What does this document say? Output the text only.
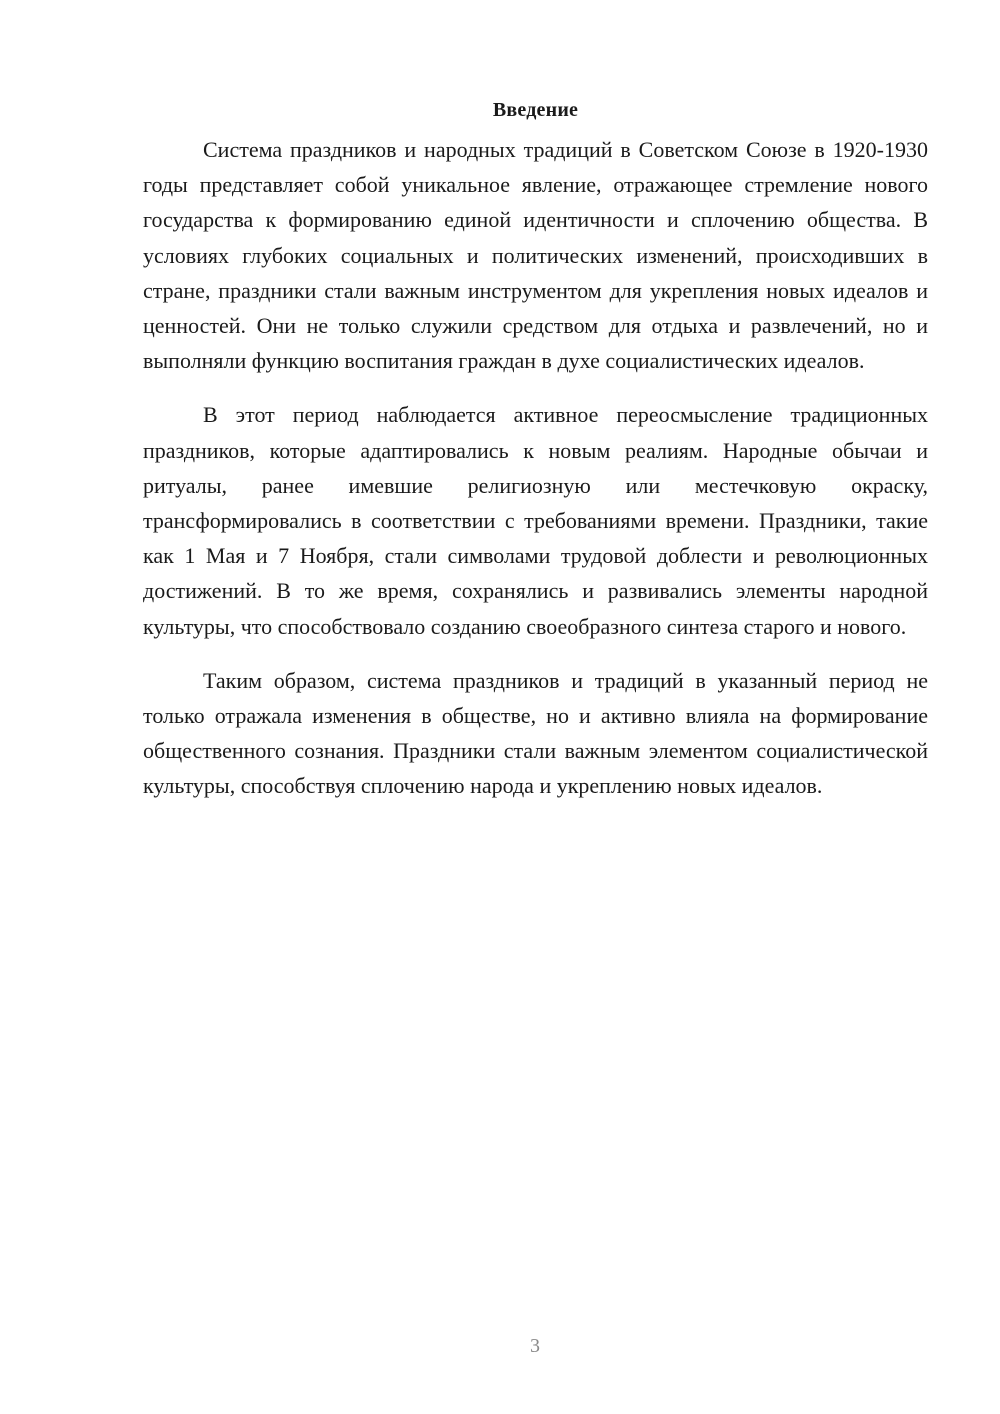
Введение

Система праздников и народных традиций в Советском Союзе в 1920-1930 годы представляет собой уникальное явление, отражающее стремление нового государства к формированию единой идентичности и сплочению общества. В условиях глубоких социальных и политических изменений, происходивших в стране, праздники стали важным инструментом для укрепления новых идеалов и ценностей. Они не только служили средством для отдыха и развлечений, но и выполняли функцию воспитания граждан в духе социалистических идеалов.

В этот период наблюдается активное переосмысление традиционных праздников, которые адаптировались к новым реалиям. Народные обычаи и ритуалы, ранее имевшие религиозную или местечковую окраску, трансформировались в соответствии с требованиями времени. Праздники, такие как 1 Мая и 7 Ноября, стали символами трудовой доблести и революционных достижений. В то же время, сохранялись и развивались элементы народной культуры, что способствовало созданию своеобразного синтеза старого и нового.

Таким образом, система праздников и традиций в указанный период не только отражала изменения в обществе, но и активно влияла на формирование общественного сознания. Праздники стали важным элементом социалистической культуры, способствуя сплочению народа и укреплению новых идеалов.

3
